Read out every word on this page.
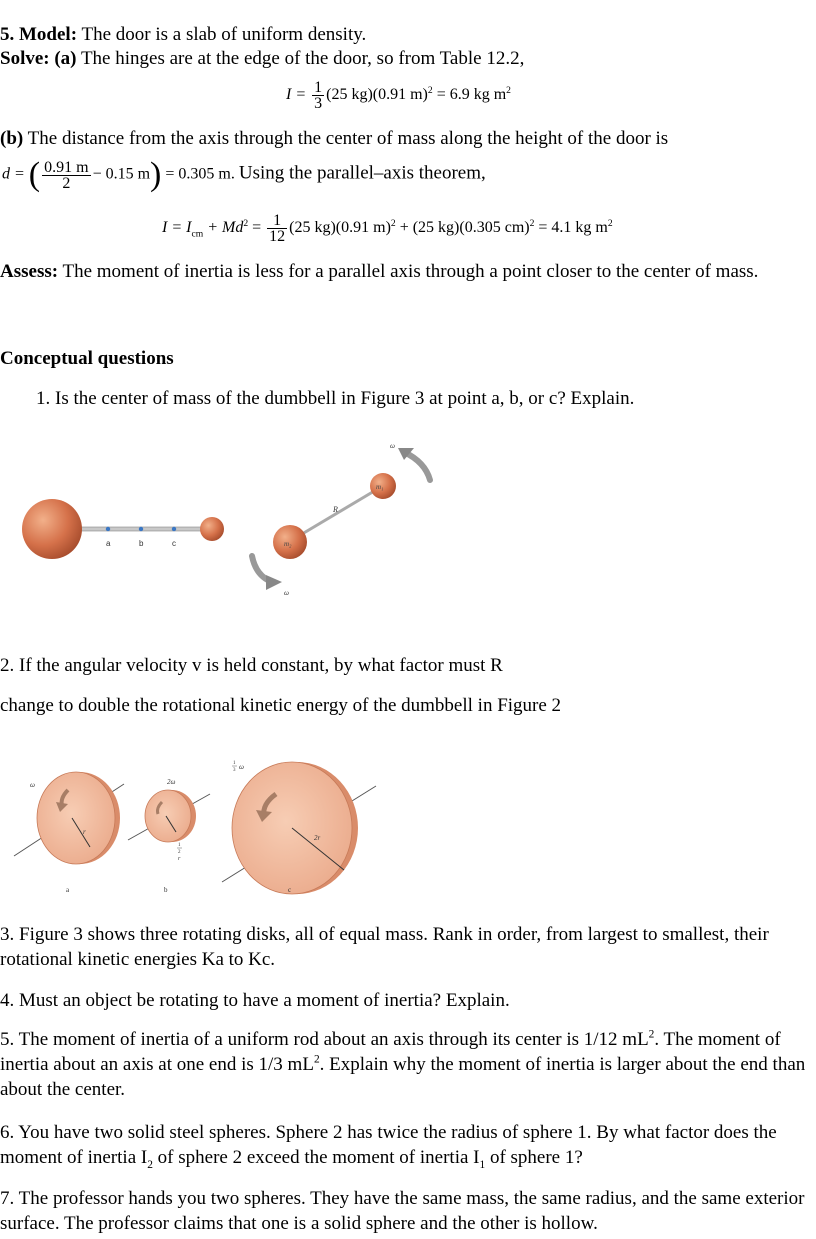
5. Model: The door is a slab of uniform density.
Solve: (a) The hinges are at the edge of the door, so from Table 12.2,
$I = \frac{1}{3} (25$ kg)(0.91 m)$^2$ = 6.9 kg $m^2$
(b) The distance from the axis through the center of mass along the height of the door is
d = ( $\frac{0.91 m}{2} - 0.15$ m) = 0.305 m. Using the parallel–axis theorem,
$I = I_{cm} + Md^2 = \frac{1}{12} (25$ kg)(0.91 m)$^2$ + (25 kg)(0.305 cm)$^2$ = 4.1 kg $m^2$
Assess: The moment of inertia is less for a parallel axis through a point closer to the center of mass.
Conceptual questions
1. Is the center of mass of the dumbbell in Figure 3 at point a, b, or c? Explain.
a	b	c
m₁
m₂
R
ω
ω
2. If the angular velocity v is held constant, by what factor must R
change to double the rotational kinetic energy of the dumbbell in Figure 2
r
ω
a
2ω
1
2
r
b
2r
1
3 ω
c
3. Figure 3 shows three rotating disks, all of equal mass. Rank in order, from largest to smallest, their rotational kinetic energies Ka to Kc.
4. Must an object be rotating to have a moment of inertia? Explain.
5. The moment of inertia of a uniform rod about an axis through its center is 1/12 $mL^2$. The moment of inertia about an axis at one end is 1/3 $mL^2$. Explain why the moment of inertia is larger about the end than about the center.
6. You have two solid steel spheres. Sphere 2 has twice the radius of sphere 1. By what factor does the moment of inertia $I_2$ of sphere 2 exceed the moment of inertia $I_1$ of sphere 1?
7. The professor hands you two spheres. They have the same mass, the same radius, and the same exterior surface. The professor claims that one is a solid sphere and the other is hollow.
